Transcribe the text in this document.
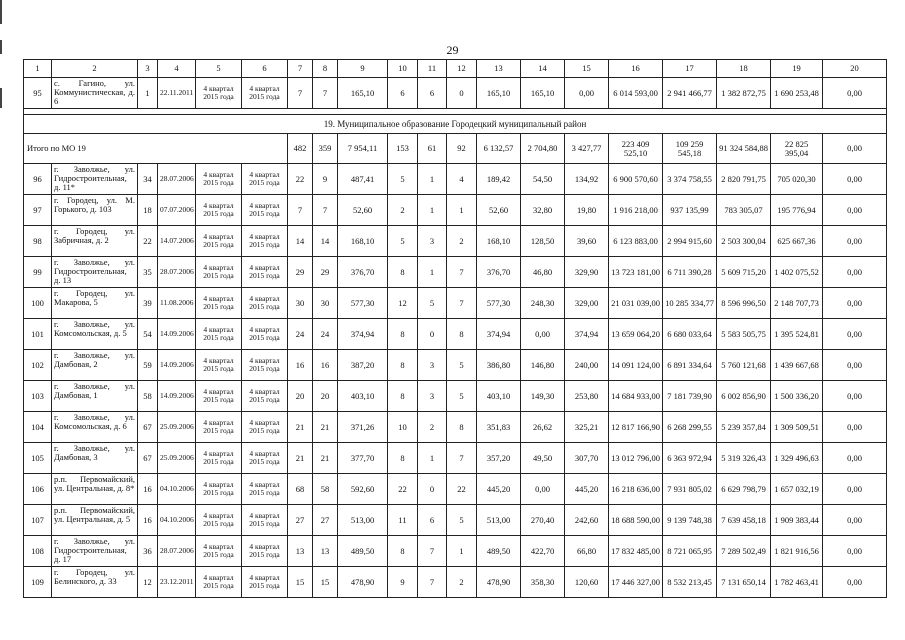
29
1	2	3	4	5	6	7	8	9	10	11	12	13	14	15	16	17	18	19	20
95	с. Гагино, ул. Коммунистическая, д. 6	1	22.11.2011	4 квартал 2015 года	4 квартал 2015 года	7	7	165,10	6	6	0	165,10	165,10	0,00	6 014 593,00	2 941 466,77	1 382 872,75	1 690 253,48	0,00

19. Муниципальное образование Городецкий муниципальный район																			
Итого по МО 19						482	359	7 954,11	153	61	92	6 132,57	2 704,80	3 427,77	223 409 525,10	109 259 545,18	91 324 584,88	22 825 395,04	0,00
96	г. Заволжье, ул. Гидростроительная, д. 11*	34	28.07.2006	4 квартал 2015 года	4 квартал 2015 года	22	9	487,41	5	1	4	189,42	54,50	134,92	6 900 570,60	3 374 758,55	2 820 791,75	705 020,30	0,00
97	г. Городец, ул. М. Горького, д. 103	18	07.07.2006	4 квартал 2015 года	4 квартал 2015 года	7	7	52,60	2	1	1	52,60	32,80	19,80	1 916 218,00	937 135,99	783 305,07	195 776,94	0,00
98	г. Городец, ул. Забричная, д. 2	22	14.07.2006	4 квартал 2015 года	4 квартал 2015 года	14	14	168,10	5	3	2	168,10	128,50	39,60	6 123 883,00	2 994 915,60	2 503 300,04	625 667,36	0,00
99	г. Заволжье, ул. Гидростроительная, д. 13	35	28.07.2006	4 квартал 2015 года	4 квартал 2015 года	29	29	376,70	8	1	7	376,70	46,80	329,90	13 723 181,00	6 711 390,28	5 609 715,20	1 402 075,52	0,00
100	г. Городец, ул. Макарова, 5	39	11.08.2006	4 квартал 2015 года	4 квартал 2015 года	30	30	577,30	12	5	7	577,30	248,30	329,00	21 031 039,00	10 285 334,77	8 596 996,50	2 148 707,73	0,00
101	г. Заволжье, ул. Комсомольская, д. 5	54	14.09.2006	4 квартал 2015 года	4 квартал 2015 года	24	24	374,94	8	0	8	374,94	0,00	374,94	13 659 064,20	6 680 033,64	5 583 505,75	1 395 524,81	0,00
102	г. Заволжье, ул. Дамбовая, 2	59	14.09.2006	4 квартал 2015 года	4 квартал 2015 года	16	16	387,20	8	3	5	386,80	146,80	240,00	14 091 124,00	6 891 334,64	5 760 121,68	1 439 667,68	0,00
103	г. Заволжье, ул. Дамбовая, 1	58	14.09.2006	4 квартал 2015 года	4 квартал 2015 года	20	20	403,10	8	3	5	403,10	149,30	253,80	14 684 933,00	7 181 739,90	6 002 856,90	1 500 336,20	0,00
104	г. Заволжье, ул. Комсомольская, д. 6	67	25.09.2006	4 квартал 2015 года	4 квартал 2015 года	21	21	371,26	10	2	8	351,83	26,62	325,21	12 817 166,90	6 268 299,55	5 239 357,84	1 309 509,51	0,00
105	г. Заволжье, ул. Дамбовая, 3	67	25.09.2006	4 квартал 2015 года	4 квартал 2015 года	21	21	377,70	8	1	7	357,20	49,50	307,70	13 012 796,00	6 363 972,94	5 319 326,43	1 329 496,63	0,00
106	р.п. Первомайский, ул. Центральная, д. 8*	16	04.10.2006	4 квартал 2015 года	4 квартал 2015 года	68	58	592,60	22	0	22	445,20	0,00	445,20	16 218 636,00	7 931 805,02	6 629 798,79	1 657 032,19	0,00
107	р.п. Первомайский, ул. Центральная, д. 5	16	04.10.2006	4 квартал 2015 года	4 квартал 2015 года	27	27	513,00	11	6	5	513,00	270,40	242,60	18 688 590,00	9 139 748,38	7 639 458,18	1 909 383,44	0,00
108	г. Заволжье, ул. Гидростроительная, д. 17	36	28.07.2006	4 квартал 2015 года	4 квартал 2015 года	13	13	489,50	8	7	1	489,50	422,70	66,80	17 832 485,00	8 721 065,95	7 289 502,49	1 821 916,56	0,00
109	г. Городец, ул. Белинского, д. 33	12	23.12.2011	4 квартал 2015 года	4 квартал 2015 года	15	15	478,90	9	7	2	478,90	358,30	120,60	17 446 327,00	8 532 213,45	7 131 650,14	1 782 463,41	0,00
